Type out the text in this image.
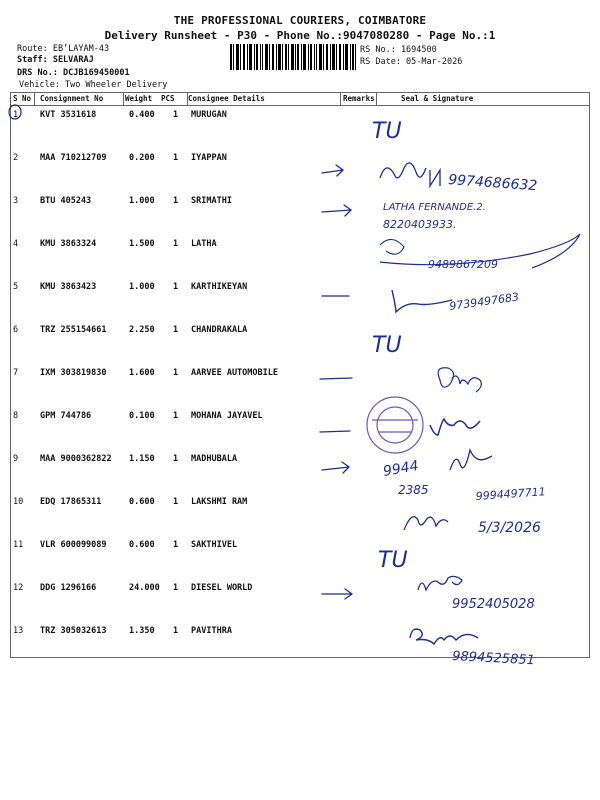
THE PROFESSIONAL COURIERS, COIMBATORE
Delivery Runsheet - P30 - Phone No.:9047080280 - Page No.:1
Route: EB’LAYAM-43
Staff: SELVARAJ
DRS No.: DCJB169450001
Vehicle: Two Wheeler Delivery
RS No.: 1694500
RS Date: 05-Mar-2026
S No Consignment No	Weight PCS Consignee Details	Remarks	Seal & Signature
1	KVT 3531618	0.400 1 MURUGAN
2	MAA 710212709	0.200 1 IYAPPAN
3	BTU 405243	1.000 1 SRIMATHI
4	KMU 3863324	1.500 1 LATHA
5	KMU 3863423	1.000 1 KARTHIKEYAN
6	TRZ 255154661	2.250 1 CHANDRAKALA
7	IXM 303819830	1.600 1 AARVEE AUTOMOBILE
8	GPM 744786	0.100 1 MOHANA JAYAVEL
9	MAA 9000362822 1.150 1 MADHUBALA
10 EDQ 17865311	0.600 1 LAKSHMI RAM
11 VLR 600099089	0.600 1 SAKTHIVEL
12 DDG 1296166	24.000 1 DIESEL WORLD
13 TRZ 305032613	1.350 1 PAVITHRA
TU
9974686632
LATHA FERNANDE.2.
8220403933.
9489867209
9739497683
TU
9944
2385	9994497711
5/3/2026
TU
9952405028
9894525851
